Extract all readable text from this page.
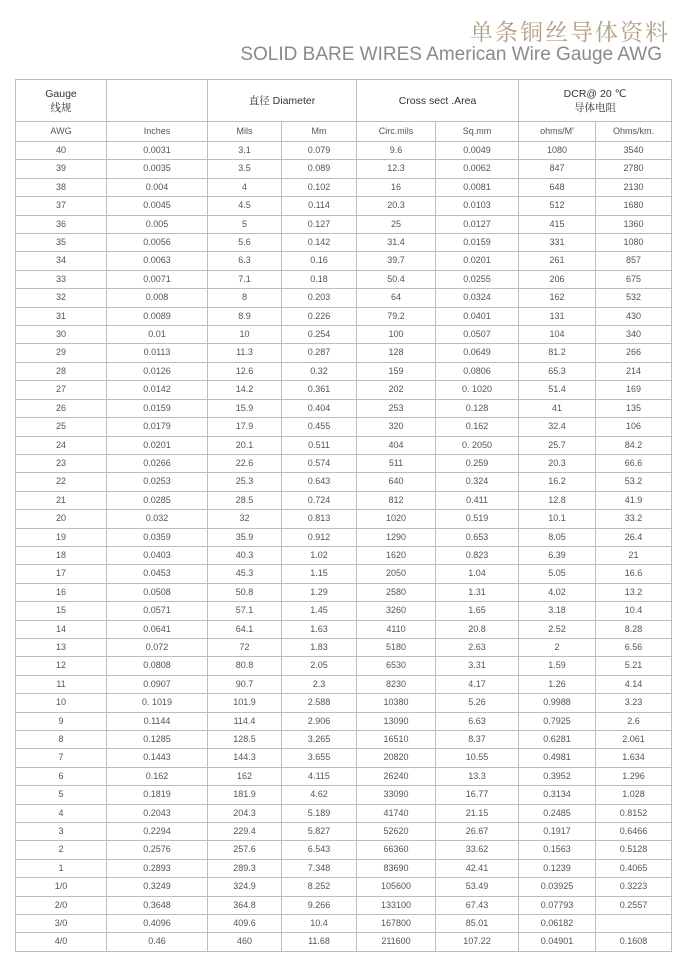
单条铜丝导体资料
SOLID BARE WIRES American Wire Gauge AWG
Gauge
线规		直径 Diameter		Cross sect .Area		DCR@ 20 ℃
导体电阻	

AWG	Inches	Mils	Mm	Circ.mils	Sq.mm	ohms/M'	Ohms/km.
40	0.0031	3.1	0.079	9.6	0.0049	1080	3540
39	0.0035	3.5	0.089	12.3	0.0062	847	2780
38	0.004	4	0.102	16	0.0081	648	2130
37	0.0045	4.5	0.114	20.3	0.0103	512	1680
36	0.005	5	0.127	25	0.0127	415	1360
35	0.0056	5.6	0.142	31.4	0.0159	331	1080
34	0.0063	6.3	0.16	39.7	0.0201	261	857
33	0.0071	7.1	0.18	50.4	0.0255	206	675
32	0.008	8	0.203	64	0.0324	162	532
31	0.0089	8.9	0.226	79.2	0.0401	131	430
30	0.01	10	0.254	100	0.0507	104	340
29	0.0113	11.3	0.287	128	0.0649	81.2	266
28	0.0126	12.6	0.32	159	0.0806	65.3	214
27	0.0142	14.2	0.361	202	0. 1020	51.4	169
26	0.0159	15.9	0.404	253	0.128	41	135
25	0.0179	17.9	0.455	320	0.162	32.4	106
24	0.0201	20.1	0.511	404	0. 2050	25.7	84.2
23	0.0266	22.6	0.574	511	0.259	20.3	66.6
22	0.0253	25.3	0.643	640	0.324	16.2	53.2
21	0.0285	28.5	0.724	812	0.411	12.8	41.9
20	0.032	32	0.813	1020	0.519	10.1	33.2
19	0.0359	35.9	0.912	1290	0.653	8.05	26.4
18	0.0403	40.3	1.02	1620	0.823	6.39	21
17	0.0453	45.3	1.15	2050	1.04	5.05	16.6
16	0.0508	50.8	1.29	2580	1.31	4.02	13.2
15	0.0571	57.1	1.45	3260	1.65	3.18	10.4
14	0.0641	64.1	1.63	4110	20.8	2.52	8.28
13	0.072	72	1.83	5180	2.63	2	6.56
12	0.0808	80.8	2.05	6530	3.31	1.59	5.21
11	0.0907	90.7	2.3	8230	4.17	1.26	4.14
10	0. 1019	101.9	2.588	10380	5.26	0.9988	3.23
9	0.1144	114.4	2.906	13090	6.63	0.7925	2.6
8	0.1285	128.5	3.265	16510	8.37	0.6281	2.061
7	0.1443	144.3	3.655	20820	10.55	0.4981	1.634
6	0.162	162	4.115	26240	13.3	0.3952	1.296
5	0.1819	181.9	4.62	33090	16.77	0.3134	1.028
4	0.2043	204.3	5.189	41740	21.15	0.2485	0.8152
3	0.2294	229.4	5.827	52620	26.67	0.1917	0.6466
2	0.2576	257.6	6.543	66360	33.62	0.1563	0.5128
1	0.2893	289.3	7.348	83690	42.41	0.1239	0.4065
1/0	0.3249	324.9	8.252	105600	53.49	0.03925	0.3223
2/0	0.3648	364.8	9.266	133100	67.43	0.07793	0.2557
3/0	0.4096	409.6	10.4	167800	85.01	0.06182	
4/0	0.46	460	11.68	211600	107.22	0.04901	0.1608
